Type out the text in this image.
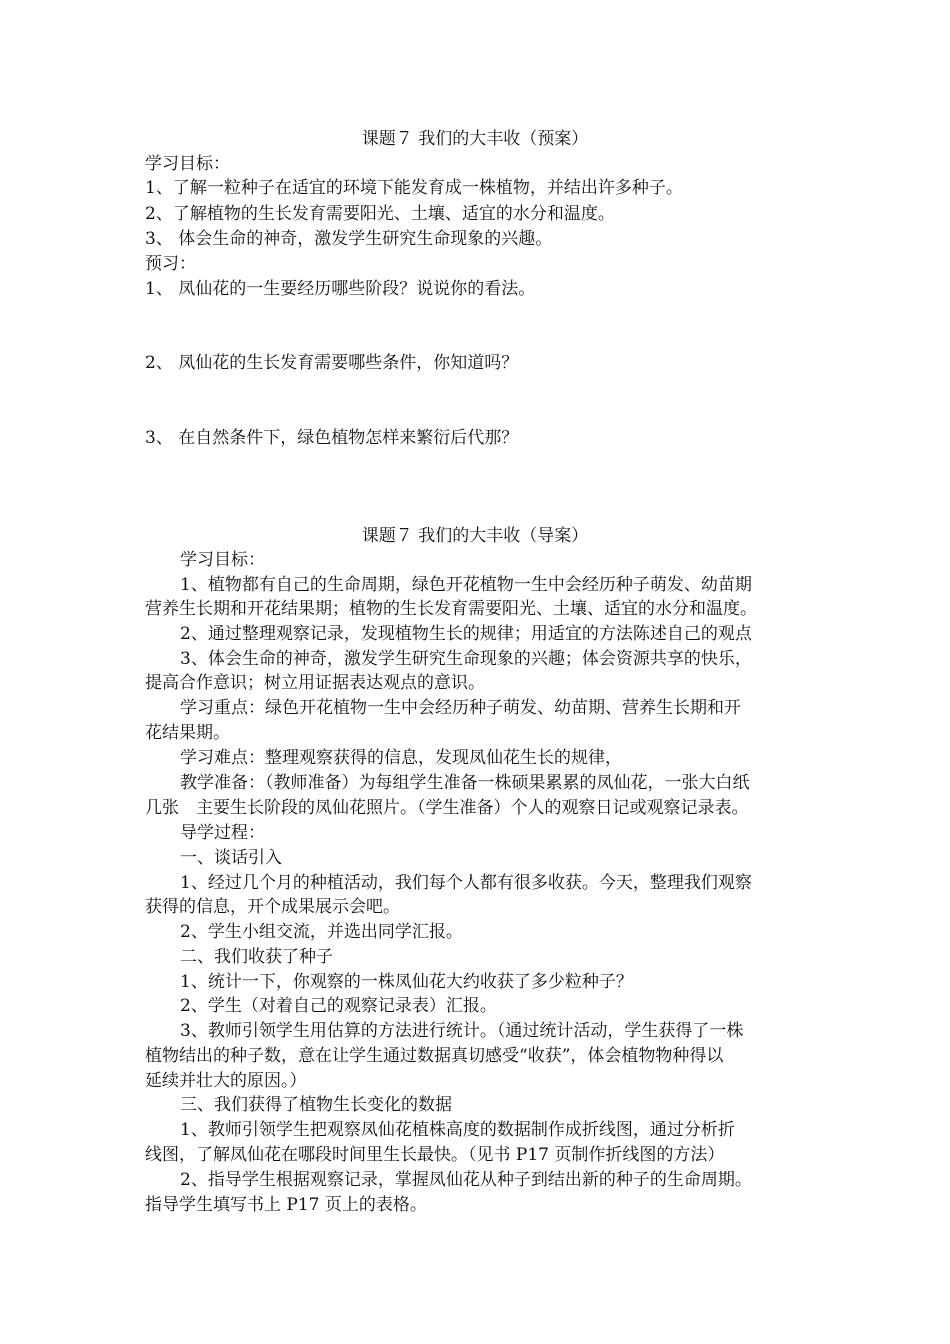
课题７ 我们的大丰收（预案）

学习目标：

1、了解一粒种子在适宜的环境下能发育成一株植物，并结出许多种子。

2、了解植物的生长发育需要阳光、土壤、适宜的水分和温度。

3、 体会生命的神奇，激发学生研究生命现象的兴趣。

预习：

1、 凤仙花的一生要经历哪些阶段？说说你的看法。

2、 凤仙花的生长发育需要哪些条件，你知道吗？

3、 在自然条件下，绿色植物怎样来繁衍后代那？

课题７ 我们的大丰收（导案）

学习目标：

1、植物都有自己的生命周期，绿色开花植物一生中会经历种子萌发、幼苗期

营养生长期和开花结果期；植物的生长发育需要阳光、土壤、适宜的水分和温度。

2、通过整理观察记录，发现植物生长的规律；用适宜的方法陈述自己的观点

3、体会生命的神奇，激发学生研究生命现象的兴趣；体会资源共享的快乐，

提高合作意识；树立用证据表达观点的意识。

学习重点：绿色开花植物一生中会经历种子萌发、幼苗期、营养生长期和开

花结果期。

学习难点：整理观察获得的信息，发现凤仙花生长的规律，

教学准备：（教师准备）为每组学生准备一株硕果累累的凤仙花，一张大白纸

几张　主要生长阶段的凤仙花照片。（学生准备）个人的观察日记或观察记录表。

导学过程：

一、谈话引入

1、经过几个月的种植活动，我们每个人都有很多收获。今天，整理我们观察

获得的信息，开个成果展示会吧。

2、学生小组交流，并选出同学汇报。

二、我们收获了种子

1、统计一下，你观察的一株凤仙花大约收获了多少粒种子？

2、学生（对着自己的观察记录表）汇报。

3、教师引领学生用估算的方法进行统计。（通过统计活动，学生获得了一株

植物结出的种子数，意在让学生通过数据真切感受“收获”，体会植物物种得以

延续并壮大的原因。）

三、我们获得了植物生长变化的数据

1、教师引领学生把观察凤仙花植株高度的数据制作成折线图，通过分析折

线图，了解凤仙花在哪段时间里生长最快。（见书 P17 页制作折线图的方法）

2、指导学生根据观察记录，掌握凤仙花从种子到结出新的种子的生命周期。

指导学生填写书上 P17 页上的表格。
